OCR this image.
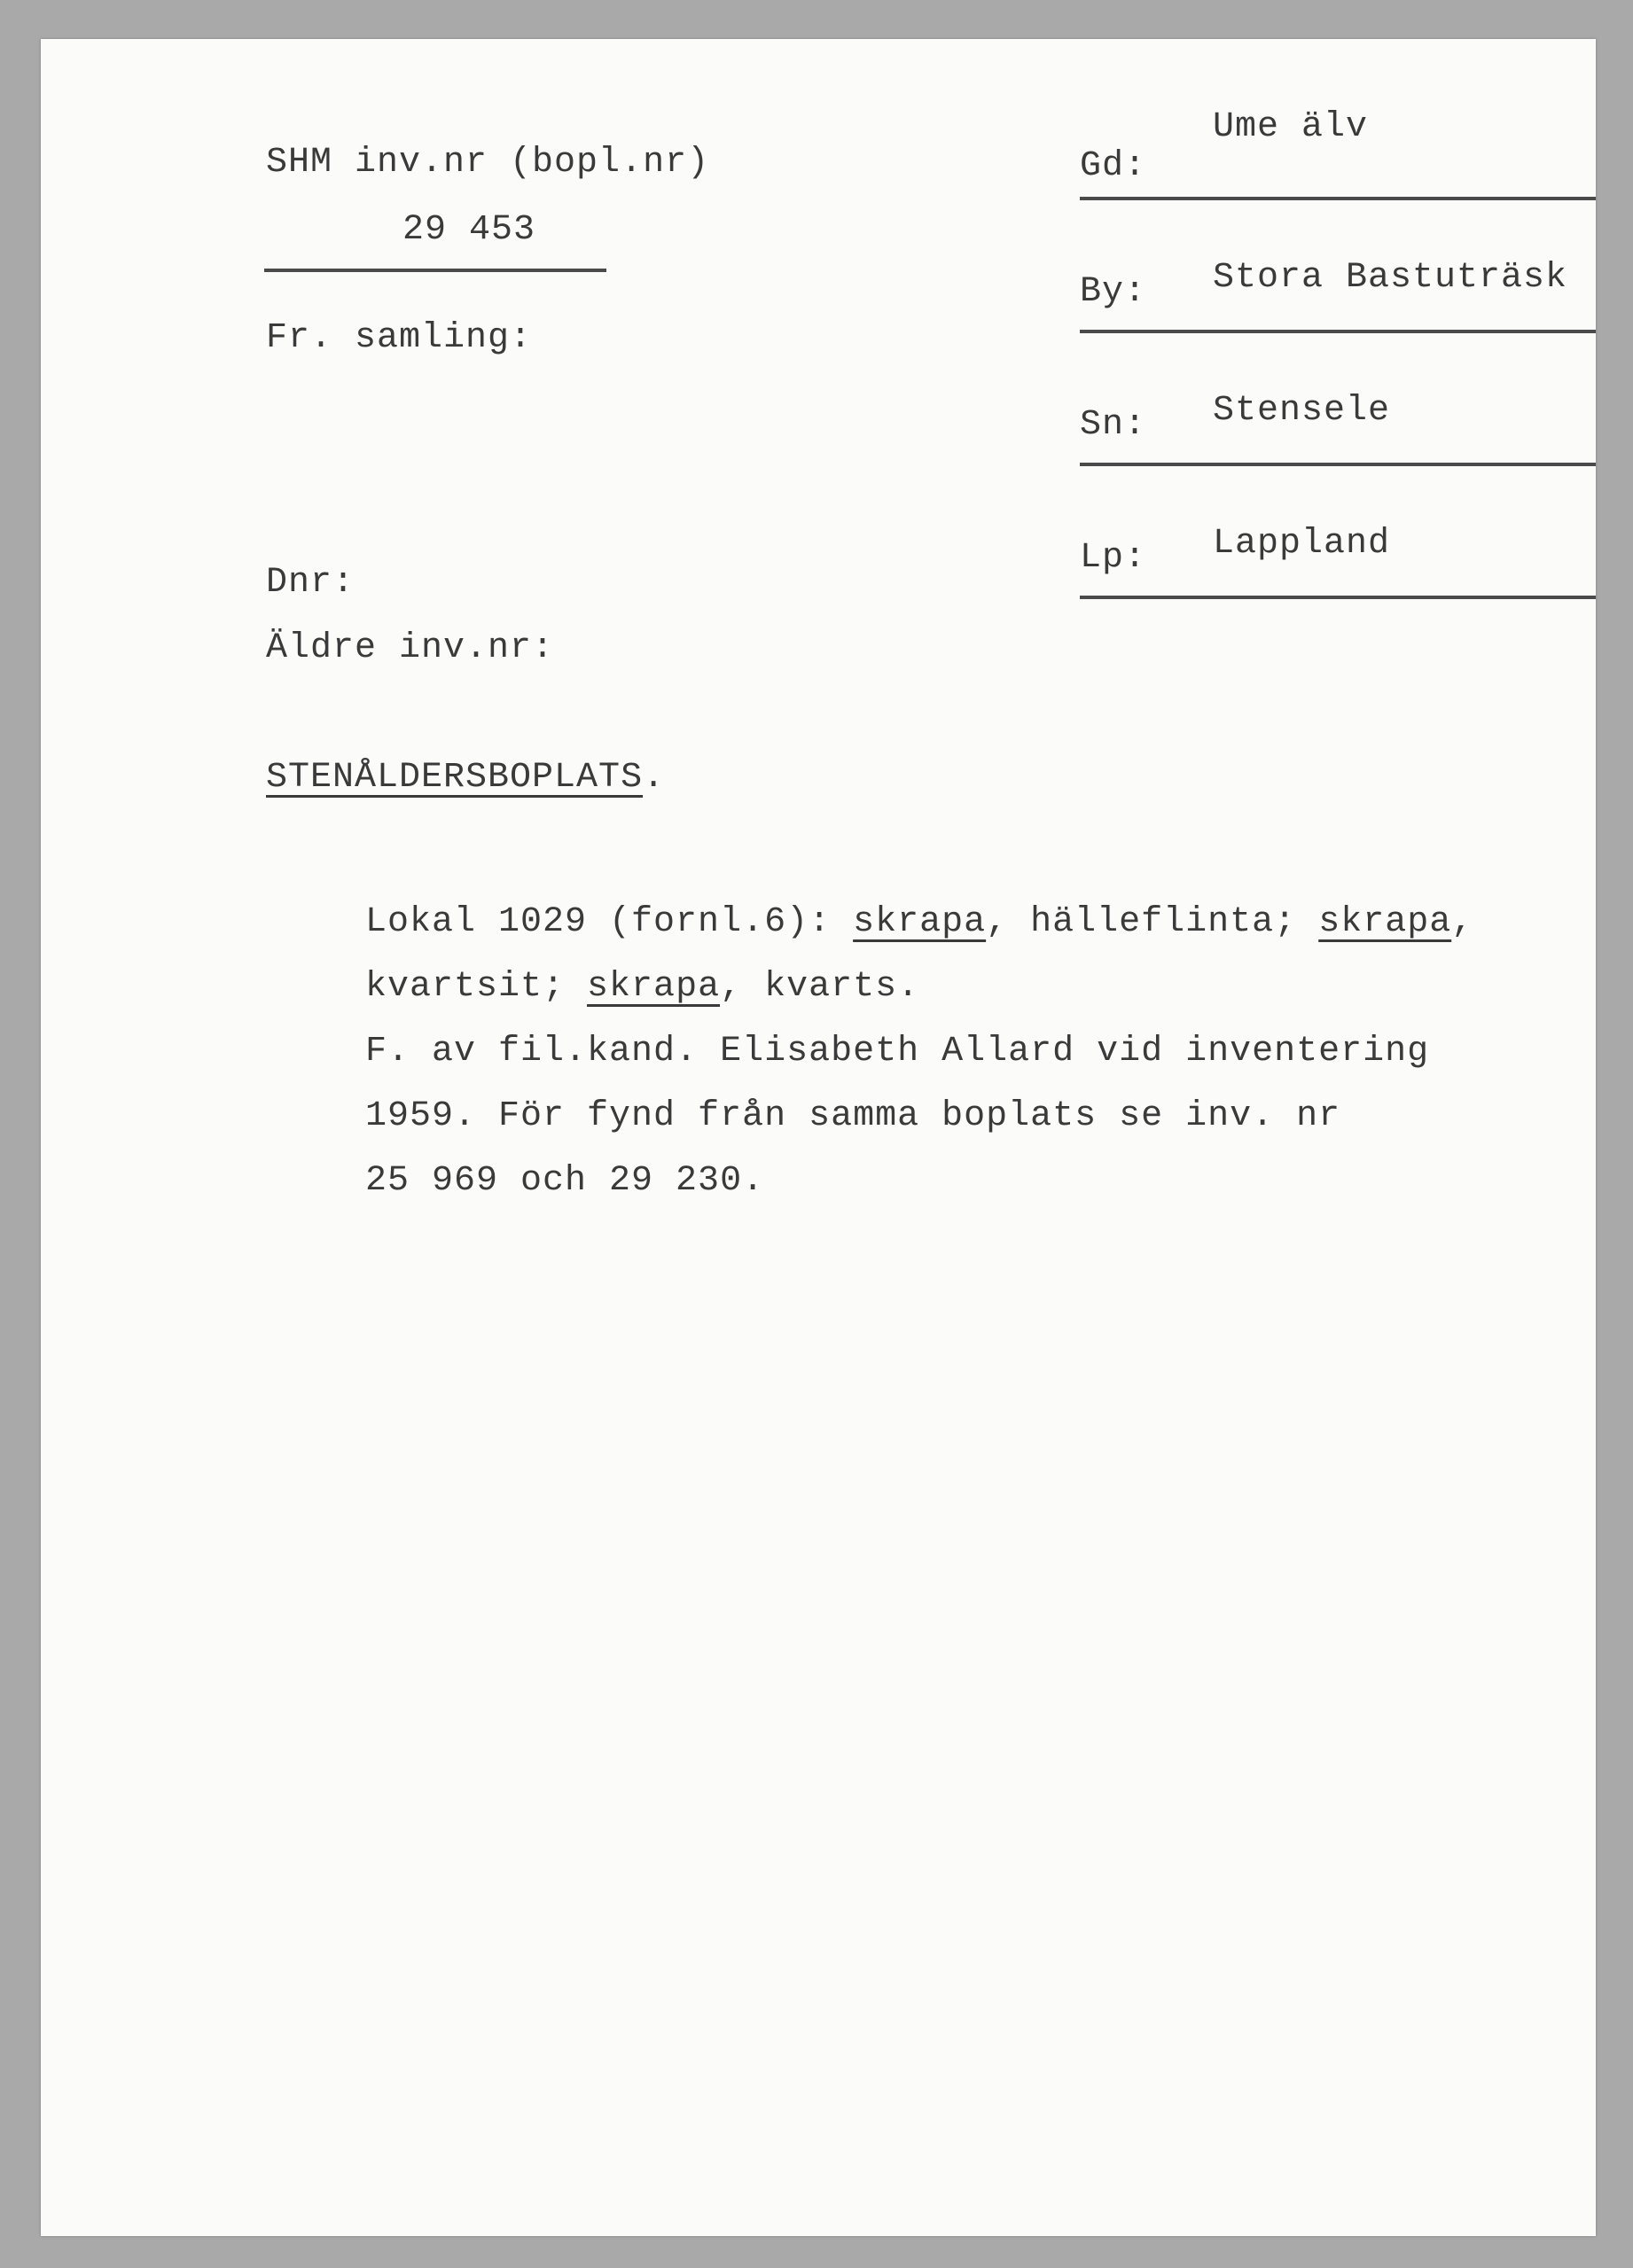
SHM inv.nr (bopl.nr)
29 453
Fr. samling:
Dnr:
Äldre inv.nr:
Ume älv
Gd:
Stora Bastuträsk
By:
Stensele
Sn:
Lappland
Lp:
STENÅLDERSBOPLATS.
Lokal 1029 (fornl.6): skrapa, hälleflinta; skrapa,
kvartsit; skrapa, kvarts.
F. av fil.kand. Elisabeth Allard vid inventering
1959. För fynd från samma boplats se inv. nr
25 969 och 29 230.
